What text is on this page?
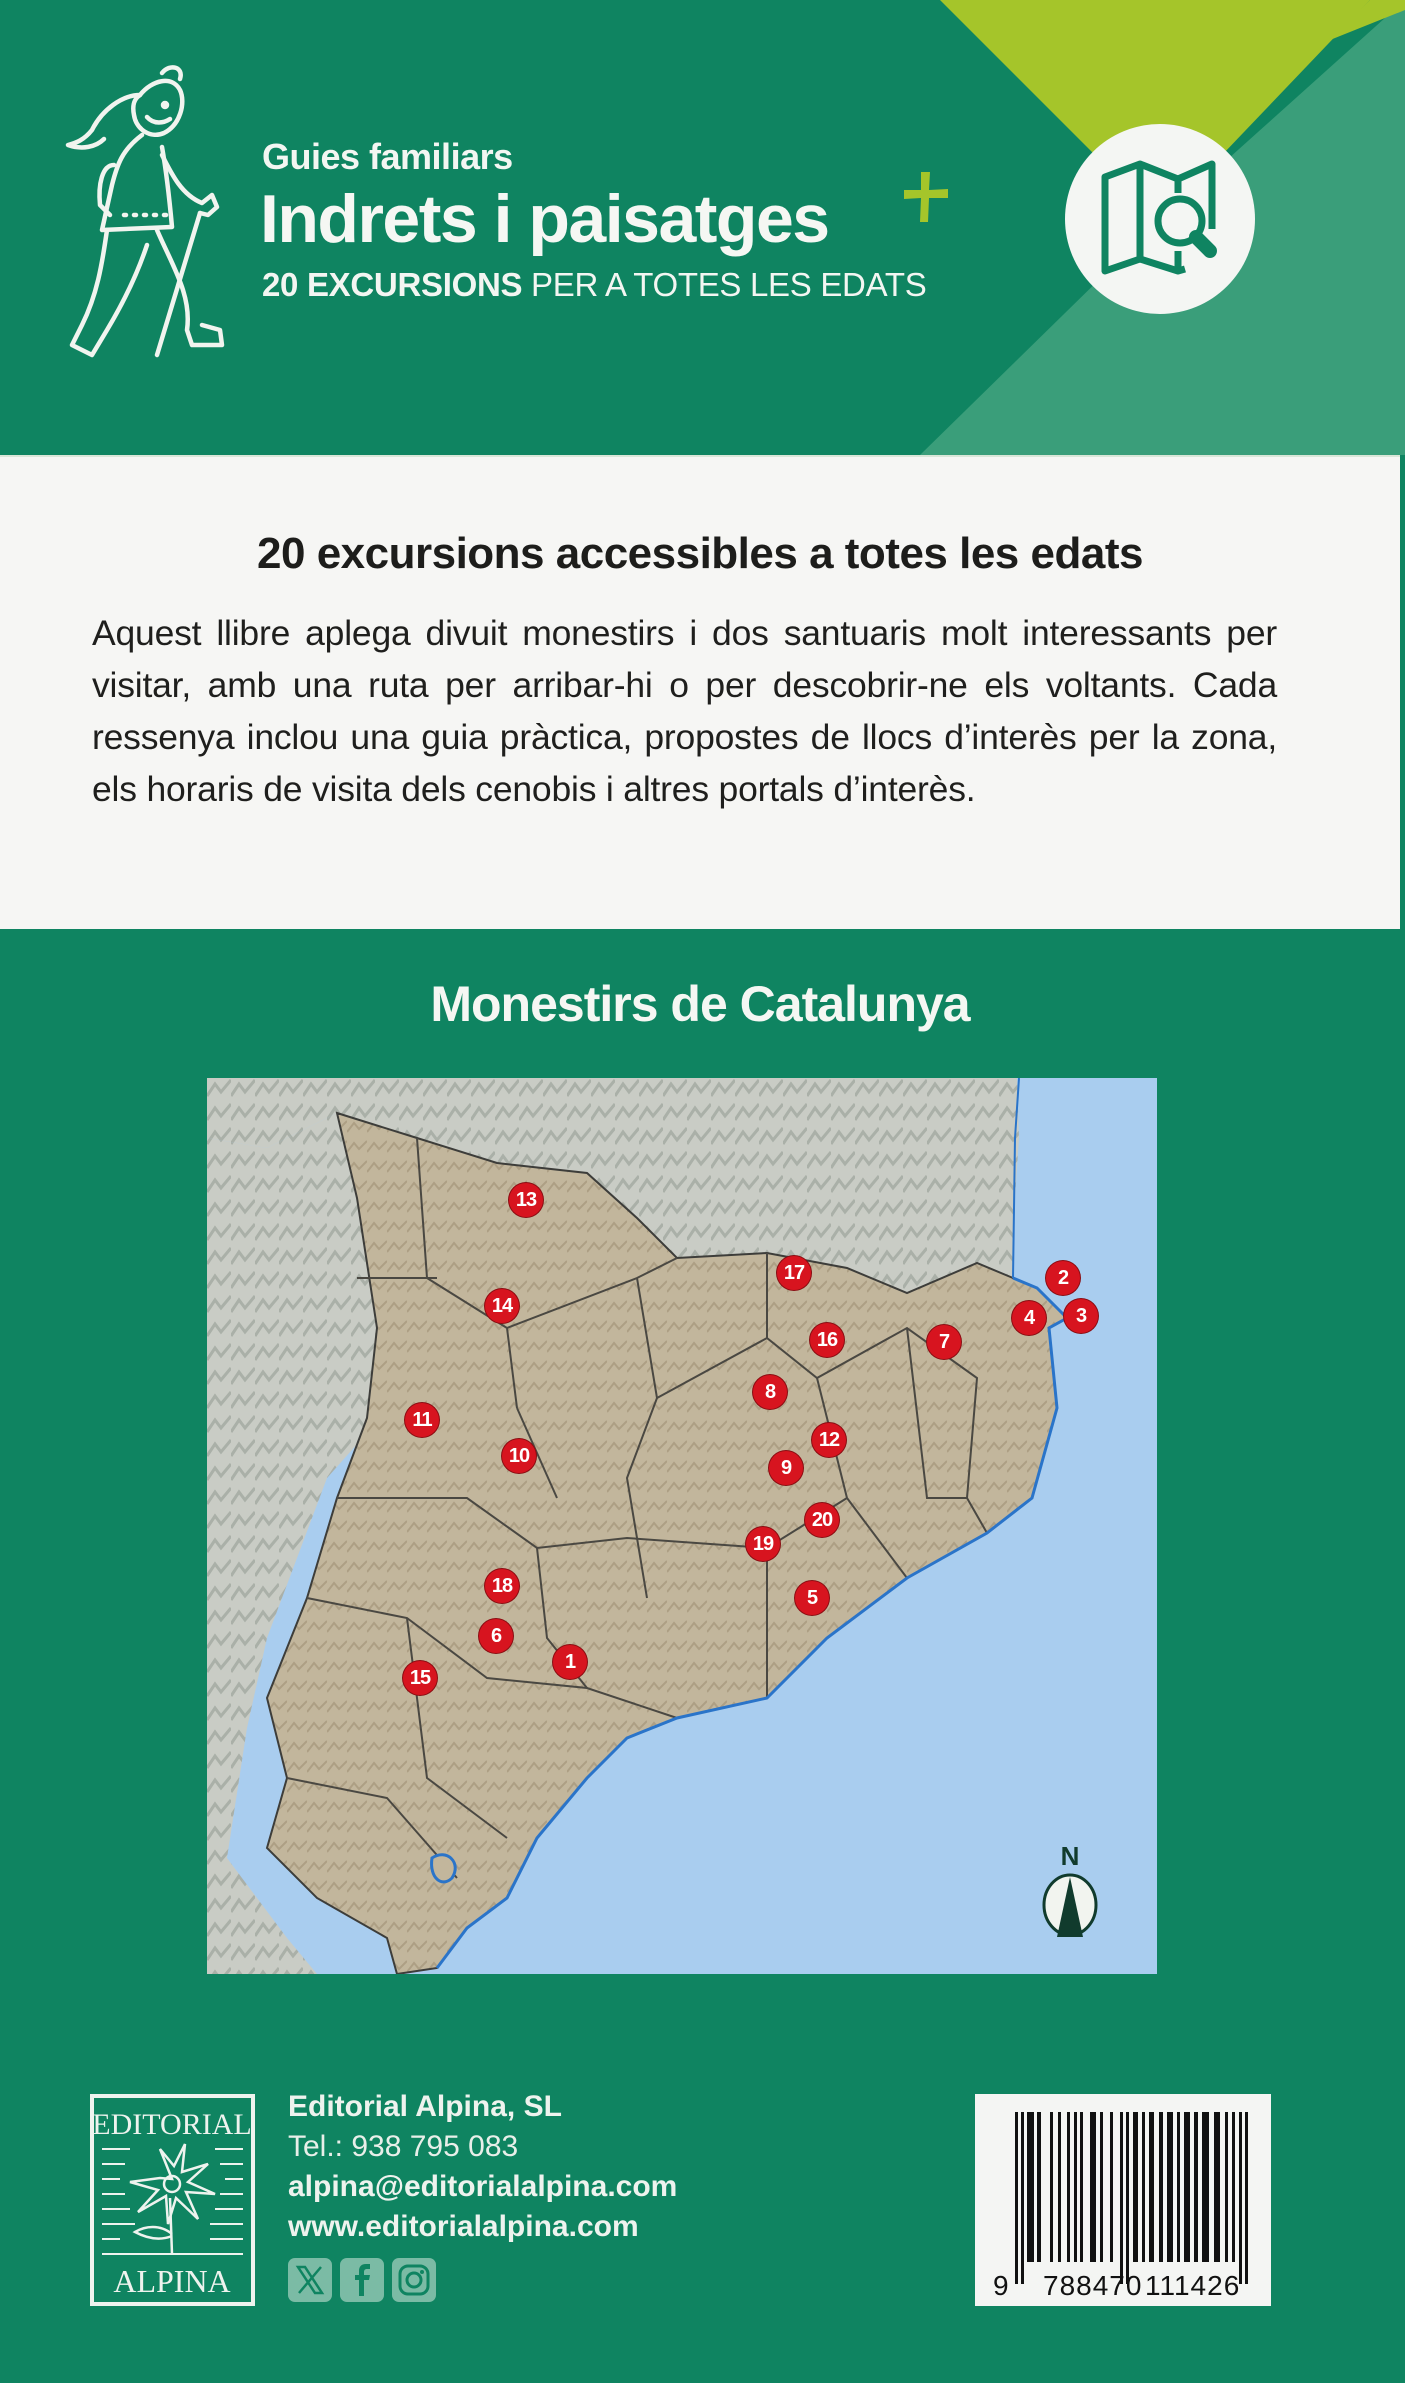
Guies familiars
Indrets i paisatges
20 EXCURSIONS PER A TOTES LES EDATS
20 excursions accessibles a totes les edats
Aquest llibre aplega divuit monestirs i dos santuaris molt interessants per visitar, amb una ruta per arribar-hi o per descobrir-ne els voltants. Cada ressenya inclou una guia pràctica, propostes de llocs d’interès per la zona, els horaris de visita dels cenobis i altres portals d’interès.
Monestirs de Catalunya
1
2
3
4
5
6
7
8
9
10
11
12
13
14
15
16
17
18
19
20
N
EDITORIAL
ALPINA
Editorial Alpina, SL
Tel.: 938 795 083
alpina@editorialalpina.com
www.editorialalpina.com
9 788470 111426
